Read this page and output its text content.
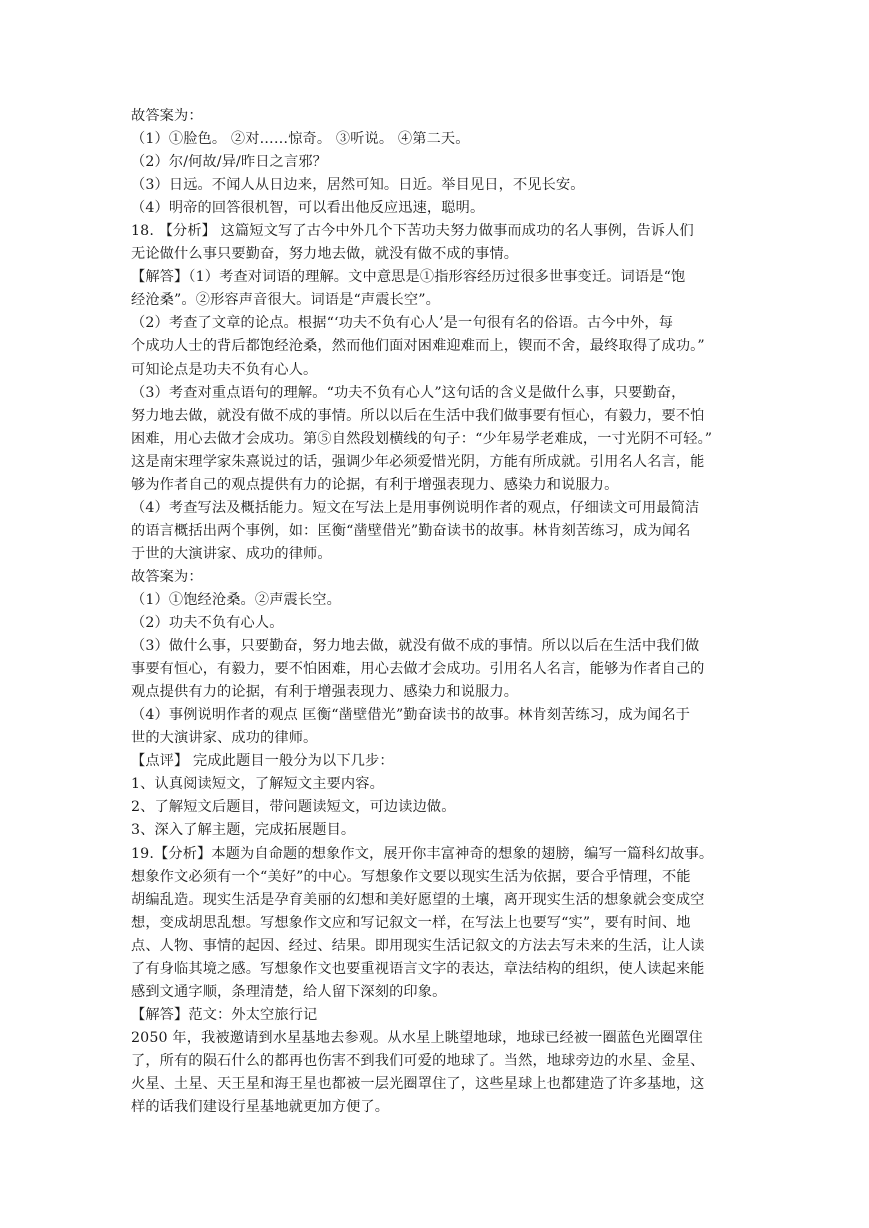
故答案为：
（1）①脸色。 ②对……惊奇。 ③听说。 ④第二天。
（2）尔/何故/异/昨日之言邪？
（3）日远。不闻人从日边来，居然可知。日近。举目见日，不见长安。
（4）明帝的回答很机智，可以看出他反应迅速，聪明。
18. 【分析】 这篇短文写了古今中外几个下苦功夫努力做事而成功的名人事例，告诉人们
无论做什么事只要勤奋，努力地去做，就没有做不成的事情。
【解答】（1）考查对词语的理解。文中意思是①指形容经历过很多世事变迁。词语是“饱
经沧桑”。②形容声音很大。词语是“声震长空”。
（2）考查了文章的论点。根据“‘功夫不负有心人’是一句很有名的俗语。古今中外，每
个成功人士的背后都饱经沧桑，然而他们面对困难迎难而上，锲而不舍，最终取得了成功。”
可知论点是功夫不负有心人。
（3）考查对重点语句的理解。“功夫不负有心人”这句话的含义是做什么事，只要勤奋，
努力地去做，就没有做不成的事情。所以以后在生活中我们做事要有恒心，有毅力，要不怕
困难，用心去做才会成功。第⑤自然段划横线的句子：“少年易学老难成，一寸光阴不可轻。”
这是南宋理学家朱熹说过的话，强调少年必须爱惜光阴，方能有所成就。引用名人名言，能
够为作者自己的观点提供有力的论据，有利于增强表现力、感染力和说服力。
（4）考查写法及概括能力。短文在写法上是用事例说明作者的观点，仔细读文可用最简洁
的语言概括出两个事例，如：匡衡“凿壁借光”勤奋读书的故事。林肯刻苦练习，成为闻名
于世的大演讲家、成功的律师。
故答案为：
（1）①饱经沧桑。②声震长空。
（2）功夫不负有心人。
（3）做什么事，只要勤奋，努力地去做，就没有做不成的事情。所以以后在生活中我们做
事要有恒心，有毅力，要不怕困难，用心去做才会成功。引用名人名言，能够为作者自己的
观点提供有力的论据，有利于增强表现力、感染力和说服力。
（4）事例说明作者的观点 匡衡“凿壁借光”勤奋读书的故事。林肯刻苦练习，成为闻名于
世的大演讲家、成功的律师。
【点评】 完成此题目一般分为以下几步：
1、认真阅读短文，了解短文主要内容。
2、了解短文后题目，带问题读短文，可边读边做。
3、深入了解主题，完成拓展题目。
19.【分析】本题为自命题的想象作文，展开你丰富神奇的想象的翅膀，编写一篇科幻故事。
想象作文必须有一个“美好”的中心。写想象作文要以现实生活为依据，要合乎情理，不能
胡编乱造。现实生活是孕育美丽的幻想和美好愿望的土壤，离开现实生活的想象就会变成空
想，变成胡思乱想。写想象作文应和写记叙文一样，在写法上也要写“实”，要有时间、地
点、人物、事情的起因、经过、结果。即用现实生活记叙文的方法去写未来的生活，让人读
了有身临其境之感。写想象作文也要重视语言文字的表达，章法结构的组织，使人读起来能
感到文通字顺，条理清楚，给人留下深刻的印象。
【解答】范文：外太空旅行记
2050 年，我被邀请到水星基地去参观。从水星上眺望地球，地球已经被一圈蓝色光圈罩住
了，所有的陨石什么的都再也伤害不到我们可爱的地球了。当然，地球旁边的水星、金星、
火星、土星、天王星和海王星也都被一层光圈罩住了，这些星球上也都建造了许多基地，这
样的话我们建设行星基地就更加方便了。
